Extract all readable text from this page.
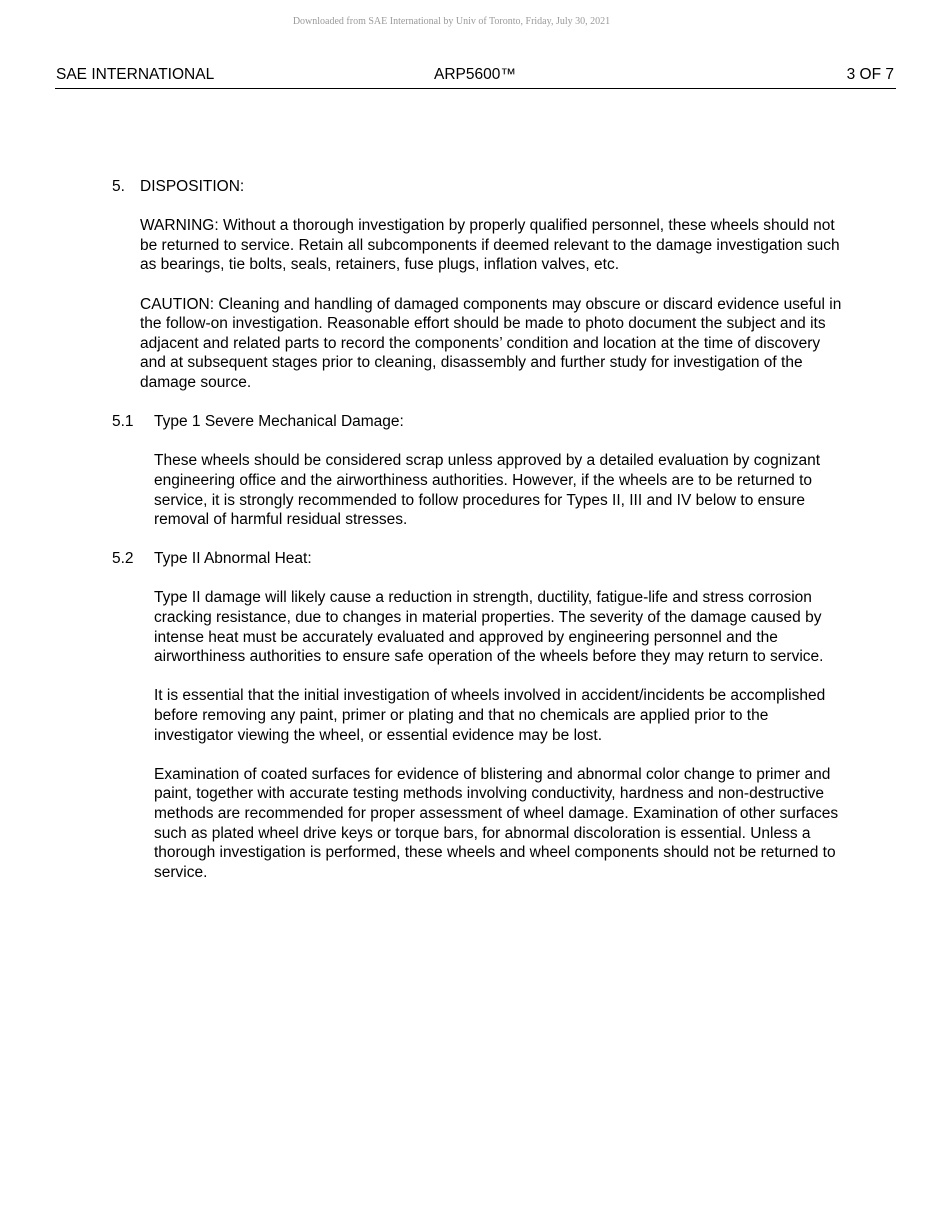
Downloaded from SAE International by Univ of Toronto, Friday, July 30, 2021
SAE INTERNATIONAL	ARP5600™	3 OF 7
5. DISPOSITION:

WARNING: Without a thorough investigation by properly qualified personnel, these wheels should not be returned to service. Retain all subcomponents if deemed relevant to the damage investigation such as bearings, tie bolts, seals, retainers, fuse plugs, inflation valves, etc.

CAUTION: Cleaning and handling of damaged components may obscure or discard evidence useful in the follow-on investigation. Reasonable effort should be made to photo document the subject and its adjacent and related parts to record the components’ condition and location at the time of discovery and at subsequent stages prior to cleaning, disassembly and further study for investigation of the damage source.

5.1	Type 1 Severe Mechanical Damage:

These wheels should be considered scrap unless approved by a detailed evaluation by cognizant engineering office and the airworthiness authorities. However, if the wheels are to be returned to service, it is strongly recommended to follow procedures for Types II, III and IV below to ensure removal of harmful residual stresses.

5.2	Type II Abnormal Heat:

Type II damage will likely cause a reduction in strength, ductility, fatigue-life and stress corrosion cracking resistance, due to changes in material properties. The severity of the damage caused by intense heat must be accurately evaluated and approved by engineering personnel and the airworthiness authorities to ensure safe operation of the wheels before they may return to service.

It is essential that the initial investigation of wheels involved in accident/incidents be accomplished before removing any paint, primer or plating and that no chemicals are applied prior to the investigator viewing the wheel, or essential evidence may be lost.

Examination of coated surfaces for evidence of blistering and abnormal color change to primer and paint, together with accurate testing methods involving conductivity, hardness and non-destructive methods are recommended for proper assessment of wheel damage. Examination of other surfaces such as plated wheel drive keys or torque bars, for abnormal discoloration is essential. Unless a thorough investigation is performed, these wheels and wheel components should not be returned to service.
